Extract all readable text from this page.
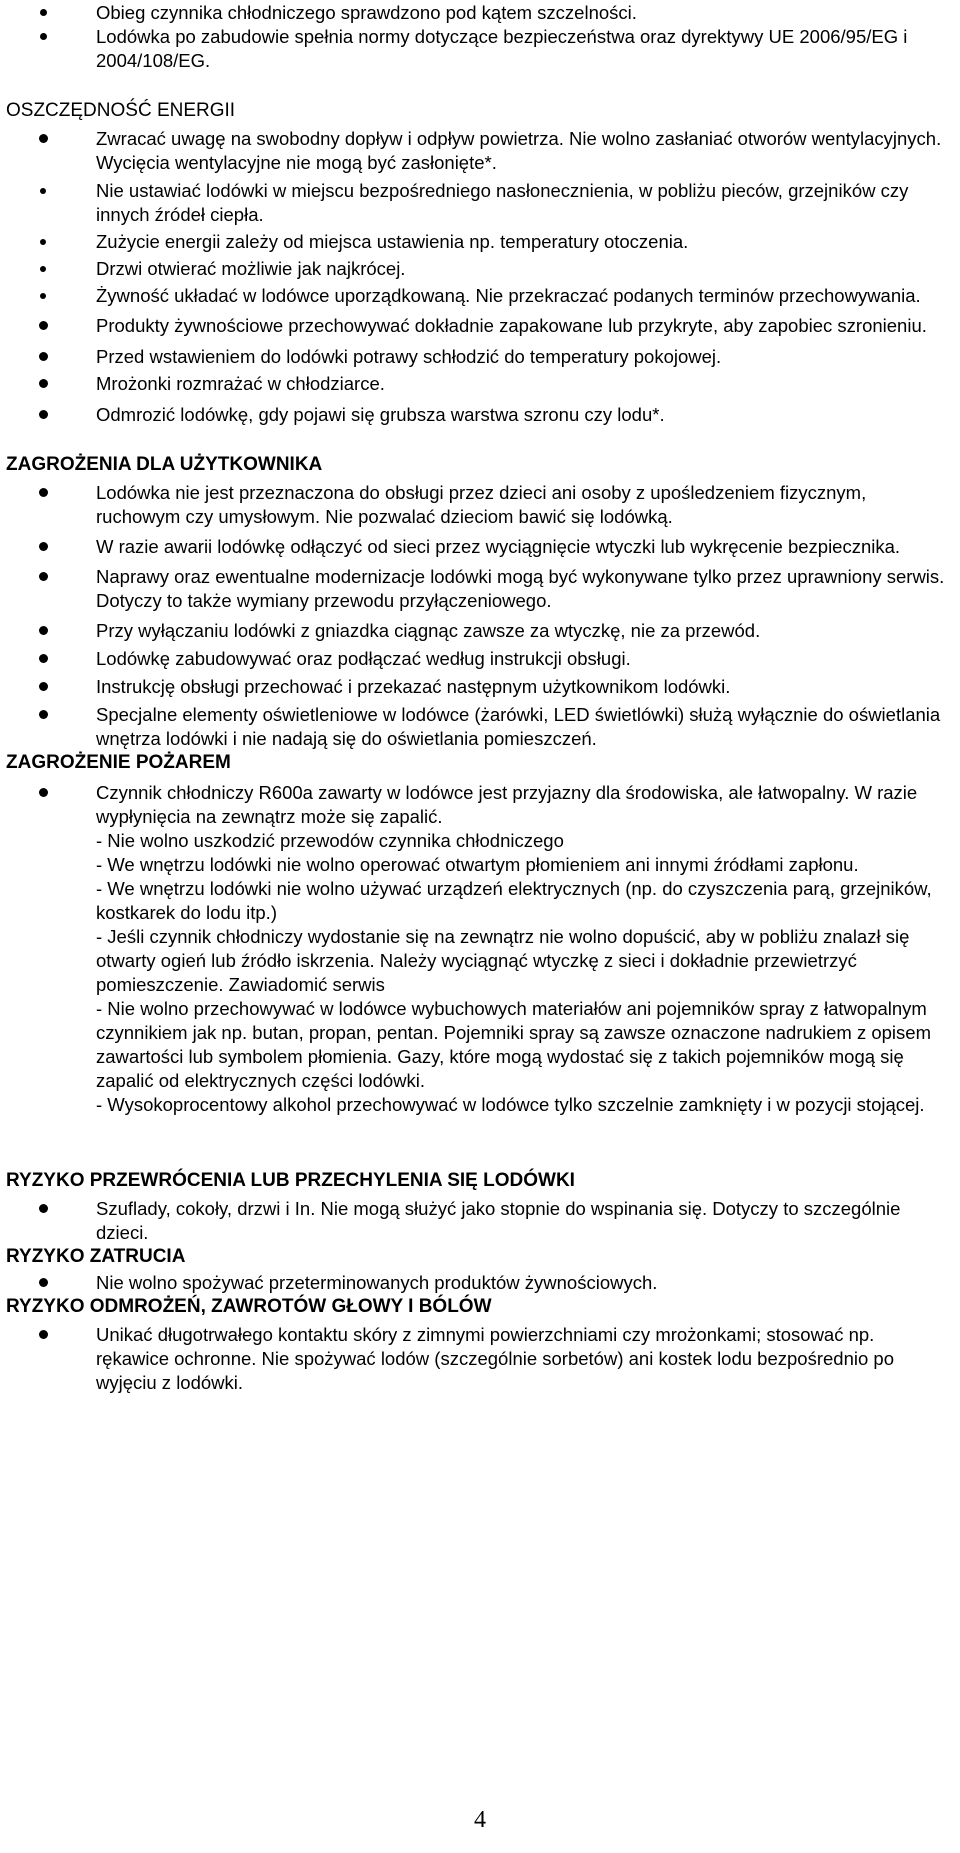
Obieg czynnika chłodniczego sprawdzono pod kątem szczelności.
Lodówka po zabudowie spełnia normy dotyczące bezpieczeństwa oraz dyrektywy UE 2006/95/EG i 2004/108/EG.
OSZCZĘDNOŚĆ ENERGII
Zwracać uwagę na swobodny dopływ i odpływ powietrza. Nie wolno zasłaniać otworów wentylacyjnych. Wycięcia wentylacyjne nie mogą być zasłonięte*.
Nie ustawiać lodówki w miejscu bezpośredniego nasłonecznienia, w pobliżu pieców, grzejników czy innych źródeł ciepła.
Zużycie energii zależy od miejsca ustawienia np. temperatury otoczenia.
Drzwi otwierać możliwie jak najkrócej.
Żywność układać w lodówce uporządkowaną. Nie przekraczać podanych terminów przechowywania.
Produkty żywnościowe przechowywać dokładnie zapakowane lub przykryte, aby zapobiec szronieniu.
Przed wstawieniem do lodówki potrawy schłodzić do temperatury pokojowej.
Mrożonki rozmrażać w chłodziarce.
Odmrozić lodówkę, gdy pojawi się grubsza warstwa szronu czy lodu*.
ZAGROŻENIA DLA UŻYTKOWNIKA
Lodówka nie jest przeznaczona do obsługi przez dzieci ani osoby z upośledzeniem fizycznym, ruchowym czy umysłowym. Nie pozwalać dzieciom bawić się lodówką.
W razie awarii lodówkę odłączyć od sieci przez wyciągnięcie wtyczki lub wykręcenie bezpiecznika.
Naprawy oraz ewentualne modernizacje lodówki mogą być wykonywane tylko przez uprawniony serwis. Dotyczy to także wymiany przewodu przyłączeniowego.
Przy wyłączaniu lodówki z gniazdka ciągnąc zawsze za wtyczkę, nie za przewód.
Lodówkę zabudowywać oraz podłączać według instrukcji obsługi.
Instrukcję obsługi przechować i przekazać następnym użytkownikom lodówki.
Specjalne elementy oświetleniowe w lodówce (żarówki, LED świetlówki) służą wyłącznie do oświetlania wnętrza lodówki i nie nadają się do oświetlania pomieszczeń.
ZAGROŻENIE POŻAREM
Czynnik chłodniczy R600a zawarty w lodówce jest przyjazny dla środowiska, ale łatwopalny. W razie wypłynięcia na zewnątrz może się zapalić.
- Nie wolno uszkodzić przewodów czynnika chłodniczego
- We wnętrzu lodówki nie wolno operować otwartym płomieniem ani innymi źródłami zapłonu.
- We wnętrzu lodówki nie wolno używać urządzeń elektrycznych (np. do czyszczenia parą, grzejników, kostkarek do lodu itp.)
- Jeśli czynnik chłodniczy wydostanie się na zewnątrz nie wolno dopuścić, aby w pobliżu znalazł się otwarty ogień lub źródło iskrzenia. Należy wyciągnąć wtyczkę z sieci i dokładnie przewietrzyć pomieszczenie. Zawiadomić serwis
- Nie wolno przechowywać w lodówce wybuchowych materiałów ani pojemników spray z łatwopalnym czynnikiem jak np. butan, propan, pentan. Pojemniki spray są zawsze oznaczone nadrukiem z opisem zawartości lub symbolem płomienia. Gazy, które mogą wydostać się z takich pojemników mogą się zapalić od elektrycznych części lodówki.
- Wysokoprocentowy alkohol przechowywać w lodówce tylko szczelnie zamknięty i w pozycji stojącej.
RYZYKO PRZEWRÓCENIA LUB PRZECHYLENIA SIĘ LODÓWKI
Szuflady, cokoły, drzwi i In. Nie mogą służyć jako stopnie do wspinania się. Dotyczy to szczególnie dzieci.
RYZYKO ZATRUCIA
Nie wolno spożywać przeterminowanych produktów żywnościowych.
RYZYKO ODMROŻEŃ, ZAWROTÓW GŁOWY I BÓLÓW
Unikać długotrwałego kontaktu skóry z zimnymi powierzchniami czy mrożonkami; stosować np. rękawice ochronne. Nie spożywać lodów (szczególnie sorbetów) ani kostek lodu bezpośrednio po wyjęciu z lodówki.
4
